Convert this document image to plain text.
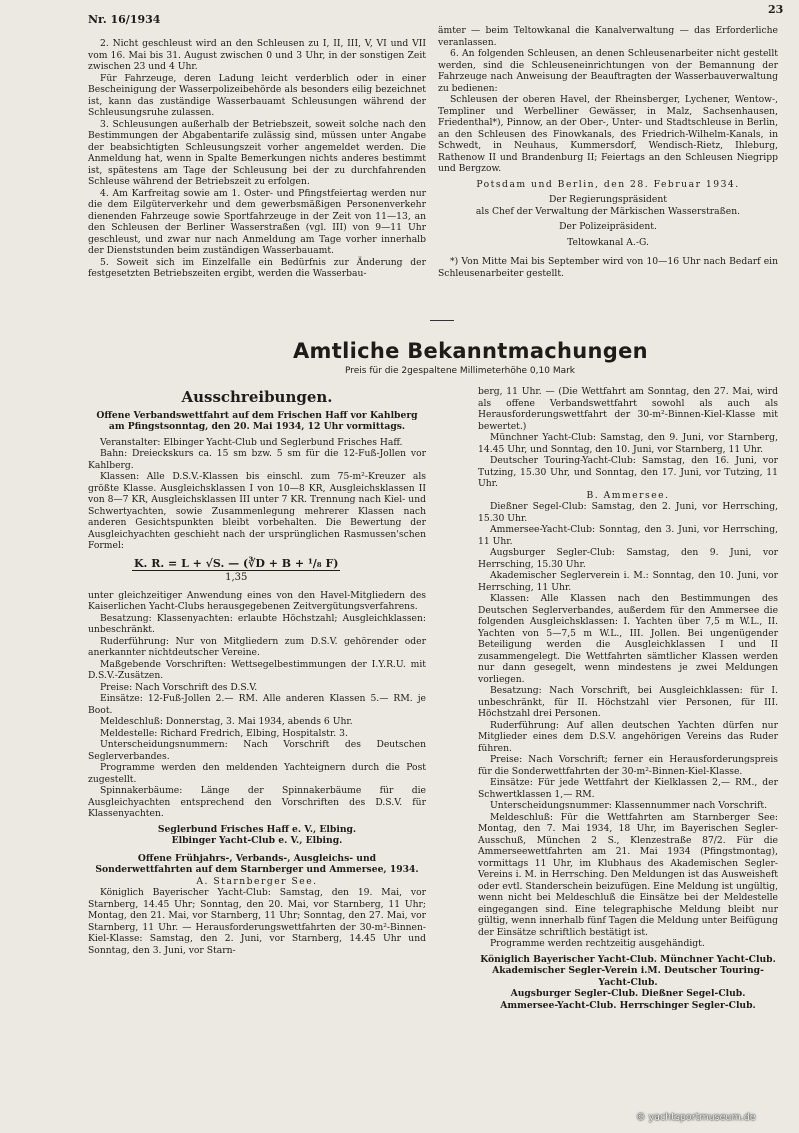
Nr. 16/1934
23

2. Nicht geschleust wird an den Schleusen zu I, II, III, V, VI und VII vom 16. Mai bis 31. August zwischen 0 und 3 Uhr, in der sonstigen Zeit zwischen 23 und 4 Uhr.

Für Fahrzeuge, deren Ladung leicht verderblich oder in einer Bescheinigung der Wasserpolizeibehörde als besonders eilig bezeichnet ist, kann das zuständige Wasserbauamt Schleusungen während der Schleusungsruhe zulassen.

3. Schleusungen außerhalb der Betriebszeit, soweit solche nach den Bestimmungen der Abgabentarife zulässig sind, müssen unter Angabe der beabsichtigten Schleusungszeit vorher angemeldet werden. Die Anmeldung hat, wenn in Spalte Bemerkungen nichts anderes bestimmt ist, spätestens am Tage der Schleusung bei der zu durchfahrenden Schleuse während der Betriebszeit zu erfolgen.

4. Am Karfreitag sowie am 1. Oster- und Pfingstfeiertag werden nur die dem Eilgüterverkehr und dem gewerbsmäßigen Personenverkehr dienenden Fahrzeuge sowie Sportfahrzeuge in der Zeit von 11—13, an den Schleusen der Berliner Wasserstraßen (vgl. III) von 9—11 Uhr geschleust, und zwar nur nach Anmeldung am Tage vorher innerhalb der Dienststunden beim zuständigen Wasserbauamt.

5. Soweit sich im Einzelfalle ein Bedürfnis zur Änderung der festgesetzten Betriebszeiten ergibt, werden die Wasserbau-

ämter — beim Teltowkanal die Kanalverwaltung — das Erforderliche veranlassen.

6. An folgenden Schleusen, an denen Schleusenarbeiter nicht gestellt werden, sind die Schleuseneinrichtungen von der Bemannung der Fahrzeuge nach Anweisung der Beauftragten der Wasserbauverwaltung zu bedienen:

Schleusen der oberen Havel, der Rheinsberger, Lychener, Wentow-, Templiner und Werbelliner Gewässer, in Malz, Sachsenhausen, Friedenthal*), Pinnow, an der Ober-, Unter- und Stadtschleuse in Berlin, an den Schleusen des Finowkanals, des Friedrich-Wilhelm-Kanals, in Schwedt, in Neuhaus, Kummersdorf, Wendisch-Rietz, Ihleburg, Rathenow II und Brandenburg II; Feiertags an den Schleusen Niegripp und Bergzow.

Potsdam und Berlin, den 28. Februar 1934.

Der Regierungspräsident

als Chef der Verwaltung der Märkischen Wasserstraßen.

Der Polizeipräsident.

Teltowkanal A.-G.

*) Von Mitte Mai bis September wird von 10—16 Uhr nach Bedarf ein Schleusenarbeiter gestellt.

Amtliche Bekanntmachungen
Preis für die 2gespaltene Millimeterhöhe 0,10 Mark

Ausschreibungen.

Offene Verbandswettfahrt auf dem Frischen Haff vor Kahlberg am Pfingstsonntag, den 20. Mai 1934, 12 Uhr vormittags.

Veranstalter: Elbinger Yacht-Club und Seglerbund Frisches Haff.

Bahn: Dreieckskurs ca. 15 sm bzw. 5 sm für die 12-Fuß-Jollen vor Kahlberg.

Klassen: Alle D.S.V.-Klassen bis einschl. zum 75-m²-Kreuzer als größte Klasse. Ausgleichsklassen I von 10—8 KR, Ausgleichsklassen II von 8—7 KR, Ausgleichsklassen III unter 7 KR. Trennung nach Kiel- und Schwertyachten, sowie Zusammenlegung mehrerer Klassen nach anderen Gesichtspunkten bleibt vorbehalten. Die Bewertung der Ausgleichyachten geschieht nach der ursprünglichen Rasmussen'schen Formel:

$\frac{\text{K. R. = L + √S. — (∛D + B + ¹/₈ F)}}{1,35}$

unter gleichzeitiger Anwendung eines von den Havel-Mitgliedern des Kaiserlichen Yacht-Clubs herausgegebenen Zeitvergütungsverfahrens.

Besatzung: Klassenyachten: erlaubte Höchstzahl; Ausgleichklassen: unbeschränkt.

Ruderführung: Nur von Mitgliedern zum D.S.V. gehörender oder anerkannter nichtdeutscher Vereine.

Maßgebende Vorschriften: Wettsegelbestimmungen der I.Y.R.U. mit D.S.V.-Zusätzen.

Preise: Nach Vorschrift des D.S.V.

Einsätze: 12-Fuß-Jollen 2.— RM. Alle anderen Klassen 5.— RM. je Boot.

Meldeschluß: Donnerstag, 3. Mai 1934, abends 6 Uhr.

Meldestelle: Richard Fredrich, Elbing, Hospitalstr. 3.

Unterscheidungsnummern: Nach Vorschrift des Deutschen Seglerverbandes.

Programme werden den meldenden Yachteignern durch die Post zugestellt.

Spinnakerbäume: Länge der Spinnakerbäume für die Ausgleichyachten entsprechend den Vorschriften des D.S.V. für Klassenyachten.

Seglerbund Frisches Haff e. V., Elbing.

Elbinger Yacht-Club e. V., Elbing.

Offene Frühjahrs-, Verbands-, Ausgleichs- und Sonderwettfahrten auf dem Starnberger und Ammersee, 1934.

A. Starnberger See.

Königlich Bayerischer Yacht-Club: Samstag, den 19. Mai, vor Starnberg, 14.45 Uhr; Sonntag, den 20. Mai, vor Starnberg, 11 Uhr; Montag, den 21. Mai, vor Starnberg, 11 Uhr; Sonntag, den 27. Mai, vor Starnberg, 11 Uhr. — Herausforderungswettfahrten der 30-m²-Binnen-Kiel-Klasse: Samstag, den 2. Juni, vor Starnberg, 14.45 Uhr und Sonntag, den 3. Juni, vor Starn-

berg, 11 Uhr. — (Die Wettfahrt am Sonntag, den 27. Mai, wird als offene Verbandswettfahrt sowohl als auch als Herausforderungswettfahrt der 30-m²-Binnen-Kiel-Klasse mit bewertet.)

Münchner Yacht-Club: Samstag, den 9. Juni, vor Starnberg, 14.45 Uhr, und Sonntag, den 10. Juni, vor Starnberg, 11 Uhr.

Deutscher Touring-Yacht-Club: Samstag, den 16. Juni, vor Tutzing, 15.30 Uhr, und Sonntag, den 17. Juni, vor Tutzing, 11 Uhr.

B. Ammersee.

Dießner Segel-Club: Samstag, den 2. Juni, vor Herrsching, 15.30 Uhr.

Ammersee-Yacht-Club: Sonntag, den 3. Juni, vor Herrsching, 11 Uhr.

Augsburger Segler-Club: Samstag, den 9. Juni, vor Herrsching, 15.30 Uhr.

Akademischer Seglerverein i. M.: Sonntag, den 10. Juni, vor Herrsching, 11 Uhr.

Klassen: Alle Klassen nach den Bestimmungen des Deutschen Seglerverbandes, außerdem für den Ammersee die folgenden Ausgleichsklassen: I. Yachten über 7,5 m W.L., II. Yachten von 5—7,5 m W.L., III. Jollen. Bei ungenügender Beteiligung werden die Ausgleichklassen I und II zusammengelegt. Die Wettfahrten sämtlicher Klassen werden nur dann gesegelt, wenn mindestens je zwei Meldungen vorliegen.

Besatzung: Nach Vorschrift, bei Ausgleichklassen: für I. unbeschränkt, für II. Höchstzahl vier Personen, für III. Höchstzahl drei Personen.

Ruderführung: Auf allen deutschen Yachten dürfen nur Mitglieder eines dem D.S.V. angehörigen Vereins das Ruder führen.

Preise: Nach Vorschrift; ferner ein Herausforderungspreis für die Sonderwettfahrten der 30-m²-Binnen-Kiel-Klasse.

Einsätze: Für jede Wettfahrt der Kielklassen 2,— RM., der Schwertklassen 1,— RM.

Unterscheidungsnummer: Klassennummer nach Vorschrift.

Meldeschluß: Für die Wettfahrten am Starnberger See: Montag, den 7. Mai 1934, 18 Uhr, im Bayerischen Segler-Ausschuß, München 2 S., Klenzestraße 87/2. Für die Ammerseewettfahrten am 21. Mai 1934 (Pfingstmontag), vormittags 11 Uhr, im Klubhaus des Akademischen Segler-Vereins i. M. in Herrsching. Den Meldungen ist das Ausweisheft oder evtl. Standerschein beizufügen. Eine Meldung ist ungültig, wenn nicht bei Meldeschluß die Einsätze bei der Meldestelle eingegangen sind. Eine telegraphische Meldung bleibt nur gültig, wenn innerhalb fünf Tagen die Meldung unter Beifügung der Einsätze schriftlich bestätigt ist.

Programme werden rechtzeitig ausgehändigt.

Königlich Bayerischer Yacht-Club. Münchner Yacht-Club.

Akademischer Segler-Verein i.M. Deutscher Touring-Yacht-Club.

Augsburger Segler-Club. Dießner Segel-Club.

Ammersee-Yacht-Club. Herrschinger Segler-Club.

© yachtsportmuseum.de
